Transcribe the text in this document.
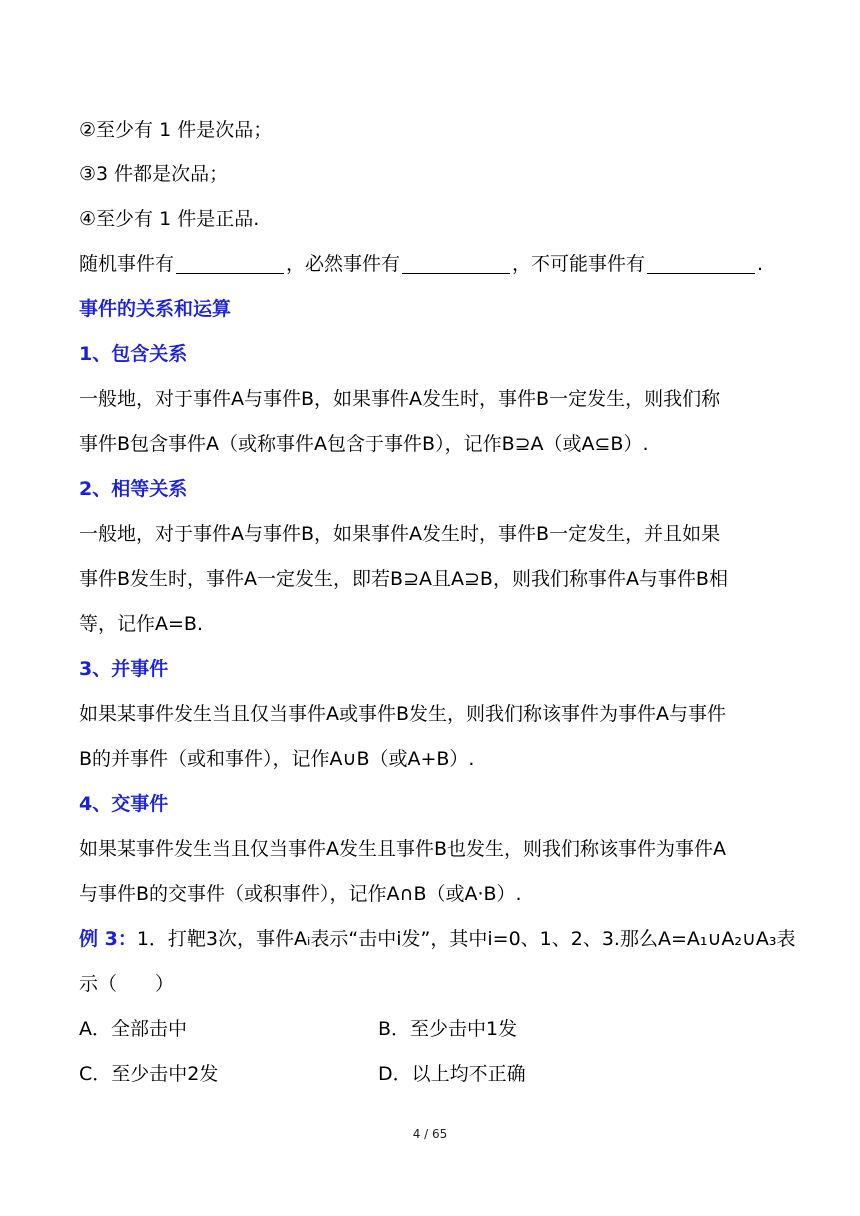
②至少有 1 件是次品；
③3 件都是次品；
④至少有 1 件是正品.
随机事件有	，必然事件有	，不可能事件有	.
事件的关系和运算
1、包含关系
一般地，对于事件A与事件B，如果事件A发生时，事件B一定发生，则我们称
事件B包含事件A（或称事件A包含于事件B），记作B⊇A（或A⊆B）.
2、相等关系
一般地，对于事件A与事件B，如果事件A发生时，事件B一定发生，并且如果
事件B发生时，事件A一定发生，即若B⊇A且A⊇B，则我们称事件A与事件B相
等，记作A=B.
3、并事件
如果某事件发生当且仅当事件A或事件B发生，则我们称该事件为事件A与事件
B的并事件（或和事件），记作A∪B（或A+B）.
4、交事件
如果某事件发生当且仅当事件A发生且事件B也发生，则我们称该事件为事件A
与事件B的交事件（或积事件），记作A∩B（或A·B）.
例 3：1．打靶3次，事件Aᵢ表示“击中i发”，其中i=0、1、2、3.那么A=A₁∪A₂∪A₃表
示（　　）
A．全部击中	B．至少击中1发
C．至少击中2发	D．以上均不正确
4 / 65
